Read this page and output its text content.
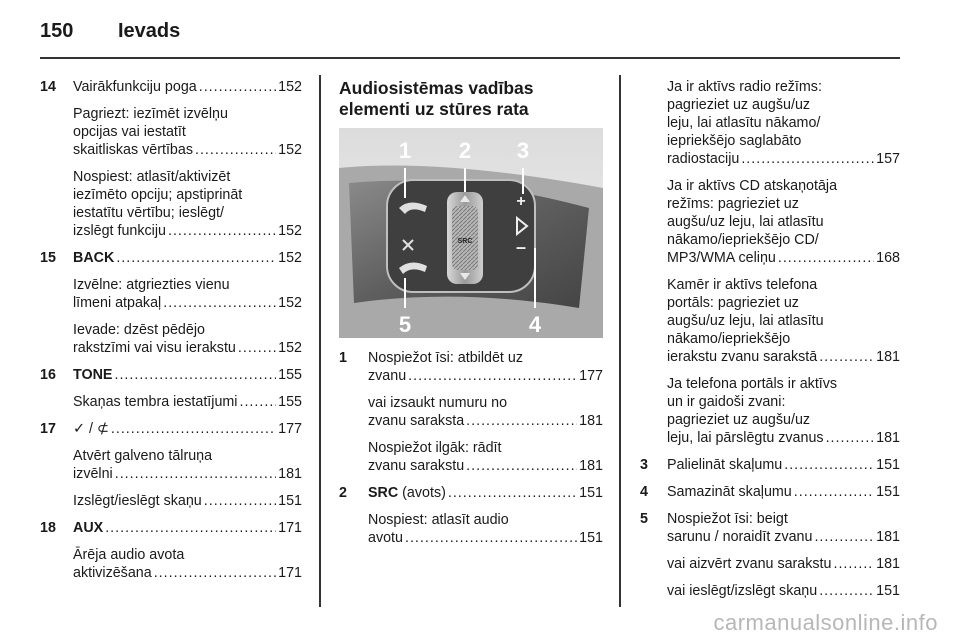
150 Ievads
14 Vairākfunkciju poga .....	152
Pagriezt: iezīmēt izvēlņu
opcijas vai iestatīt
skaitliskas vērtības .....	152
Nospiest: atlasīt/aktivizēt
iezīmēto opciju; apstiprināt
iestatītu vērtību; ieslēgt/
izslēgt funkciju .....	152
15 BACK .....	152
Izvēlne: atgriezties vienu
līmeni atpakaļ .....	152
Ievade: dzēst pēdējo
rakstzīmi vai visu ierakstu .....	152
16 TONE .....	155
Skaņas tembra iestatījumi .....	155
17 ✓ / ⊄ .....	177
Atvērt galveno tālruņa
izvēlni .....	181
Izslēgt/ieslēgt skaņu .....	151
18 AUX .....	171
Ārēja audio avota
aktivizēšana .....	171
Audiosistēmas vadības
elementi uz stūres rata
SRC
+
–
1 2 3
4
5
1 Nospiežot īsi: atbildēt uz
zvanu .....	177
vai izsaukt numuru no
zvanu saraksta .....	181
Nospiežot ilgāk: rādīt
zvanu sarakstu .....	181
2 SRC (avots) .....	151
Nospiest: atlasīt audio
avotu .....	151
Ja ir aktīvs radio režīms:
pagrieziet uz augšu/uz
leju, lai atlasītu nākamo/
iepriekšējo saglabāto
radiostaciju .....	157
Ja ir aktīvs CD atskaņotāja
režīms: pagrieziet uz
augšu/uz leju, lai atlasītu
nākamo/iepriekšējo CD/
MP3/WMA celiņu .....	168
Kamēr ir aktīvs telefona
portāls: pagrieziet uz
augšu/uz leju, lai atlasītu
nākamo/iepriekšējo
ierakstu zvanu sarakstā .....	181
Ja telefona portāls ir aktīvs
un ir gaidoši zvani:
pagrieziet uz augšu/uz
leju, lai pārslēgtu zvanus .....	181
3 Palielināt skaļumu .....	151
4 Samazināt skaļumu .....	151
5 Nospiežot īsi: beigt
sarunu / noraidīt zvanu .....	181
vai aizvērt zvanu sarakstu .....	181
vai ieslēgt/izslēgt skaņu .....	151
carmanualsonline.info
